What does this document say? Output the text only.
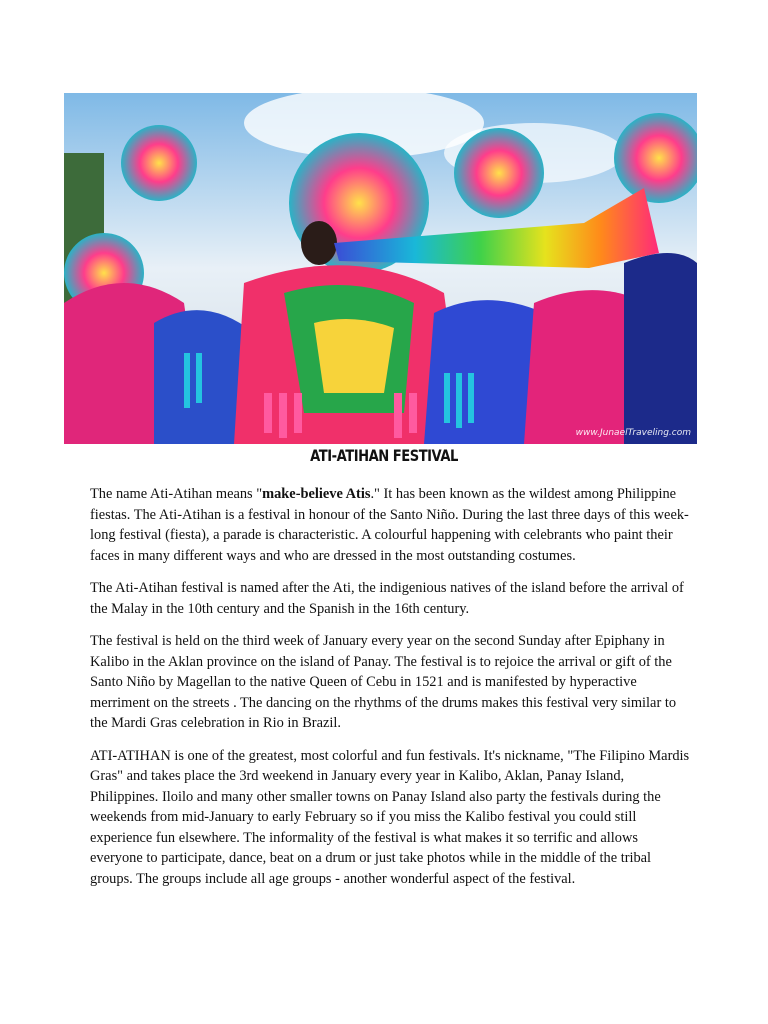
www.JunaelTraveling.com
ATI-ATIHAN FESTIVAL

The name Ati-Atihan means "make-believe Atis." It has been known as the wildest among Philippine fiestas. The Ati-Atihan is a festival in honour of the Santo Niño. During the last three days of this week-long festival (fiesta), a parade is characteristic. A colourful happening with celebrants who paint their faces in many different ways and who are dressed in the most outstanding costumes.

The Ati-Atihan festival is named after the Ati, the indigenious natives of the island before the arrival of the Malay in the 10th century and the Spanish in the 16th century.

The festival is held on the third week of January every year on the second Sunday after Epiphany in Kalibo in the Aklan province on the island of Panay. The festival is to rejoice the arrival or gift of the Santo Niño by Magellan to the native Queen of Cebu in 1521 and is manifested by hyperactive merriment on the streets . The dancing on the rhythms of the drums makes this festival very similar to the Mardi Gras celebration in Rio in Brazil.

ATI-ATIHAN is one of the greatest, most colorful and fun festivals. It's nickname, "The Filipino Mardis Gras" and takes place the 3rd weekend in January every year in Kalibo, Aklan, Panay Island, Philippines. Iloilo and many other smaller towns on Panay Island also party the festivals during the weekends from mid-January to early February so if you miss the Kalibo festival you could still experience fun elsewhere. The informality of the festival is what makes it so terrific and allows everyone to participate, dance, beat on a drum or just take photos while in the middle of the tribal groups. The groups include all age groups - another wonderful aspect of the festival.
